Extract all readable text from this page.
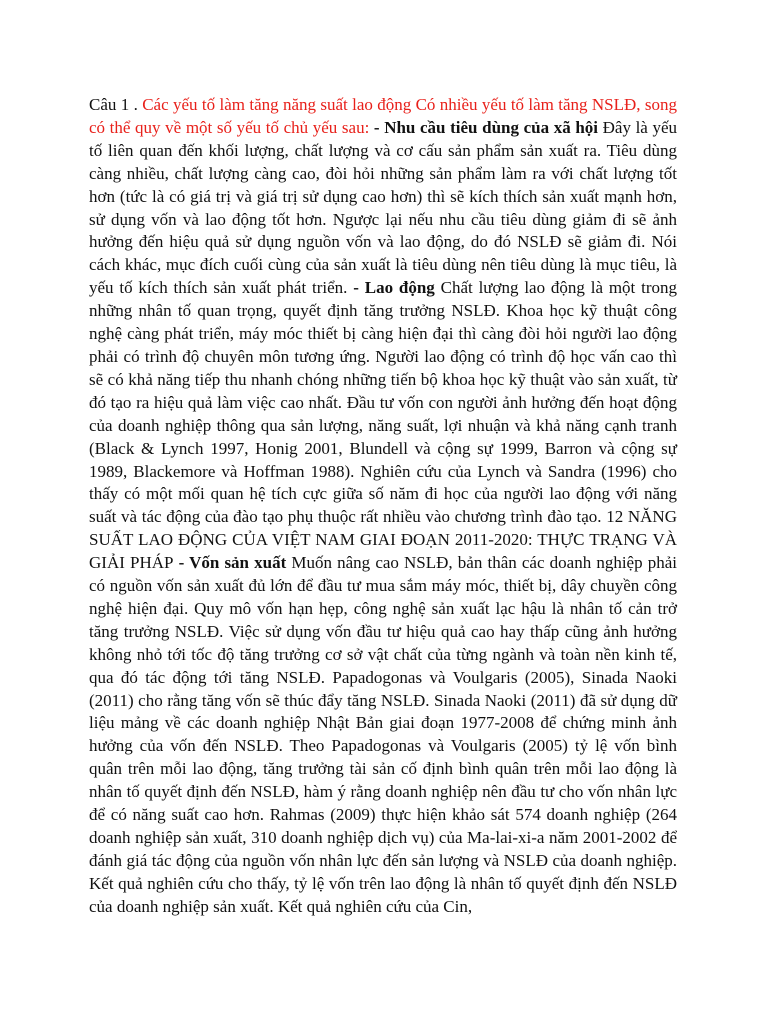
Câu 1 . Các yếu tố làm tăng năng suất lao động Có nhiều yếu tố làm tăng NSLĐ, song có thể quy về một số yếu tố chủ yếu sau: - Nhu cầu tiêu dùng của xã hội Đây là yếu tố liên quan đến khối lượng, chất lượng và cơ cấu sản phẩm sản xuất ra. Tiêu dùng càng nhiều, chất lượng càng cao, đòi hỏi những sản phẩm làm ra với chất lượng tốt hơn (tức là có giá trị và giá trị sử dụng cao hơn) thì sẽ kích thích sản xuất mạnh hơn, sử dụng vốn và lao động tốt hơn. Ngược lại nếu nhu cầu tiêu dùng giảm đi sẽ ảnh hưởng đến hiệu quả sử dụng nguồn vốn và lao động, do đó NSLĐ sẽ giảm đi. Nói cách khác, mục đích cuối cùng của sản xuất là tiêu dùng nên tiêu dùng là mục tiêu, là yếu tố kích thích sản xuất phát triển. - Lao động Chất lượng lao động là một trong những nhân tố quan trọng, quyết định tăng trưởng NSLĐ. Khoa học kỹ thuật công nghệ càng phát triển, máy móc thiết bị càng hiện đại thì càng đòi hỏi người lao động phải có trình độ chuyên môn tương ứng. Người lao động có trình độ học vấn cao thì sẽ có khả năng tiếp thu nhanh chóng những tiến bộ khoa học kỹ thuật vào sản xuất, từ đó tạo ra hiệu quả làm việc cao nhất. Đầu tư vốn con người ảnh hưởng đến hoạt động của doanh nghiệp thông qua sản lượng, năng suất, lợi nhuận và khả năng cạnh tranh (Black & Lynch 1997, Honig 2001, Blundell và cộng sự 1999, Barron và cộng sự 1989, Blackemore và Hoffman 1988). Nghiên cứu của Lynch và Sandra (1996) cho thấy có một mối quan hệ tích cực giữa số năm đi học của người lao động với năng suất và tác động của đào tạo phụ thuộc rất nhiều vào chương trình đào tạo. 12 NĂNG SUẤT LAO ĐỘNG CỦA VIỆT NAM GIAI ĐOẠN 2011-2020: THỰC TRẠNG VÀ GIẢI PHÁP - Vốn sản xuất Muốn nâng cao NSLĐ, bản thân các doanh nghiệp phải có nguồn vốn sản xuất đủ lớn để đầu tư mua sắm máy móc, thiết bị, dây chuyền công nghệ hiện đại. Quy mô vốn hạn hẹp, công nghệ sản xuất lạc hậu là nhân tố cản trở tăng trưởng NSLĐ. Việc sử dụng vốn đầu tư hiệu quả cao hay thấp cũng ảnh hưởng không nhỏ tới tốc độ tăng trưởng cơ sở vật chất của từng ngành và toàn nền kinh tế, qua đó tác động tới tăng NSLĐ. Papadogonas và Voulgaris (2005), Sinada Naoki (2011) cho rằng tăng vốn sẽ thúc đẩy tăng NSLĐ. Sinada Naoki (2011) đã sử dụng dữ liệu mảng về các doanh nghiệp Nhật Bản giai đoạn 1977-2008 để chứng minh ảnh hưởng của vốn đến NSLĐ. Theo Papadogonas và Voulgaris (2005) tỷ lệ vốn bình quân trên mỗi lao động, tăng trưởng tài sản cố định bình quân trên mỗi lao động là nhân tố quyết định đến NSLĐ, hàm ý rằng doanh nghiệp nên đầu tư cho vốn nhân lực để có năng suất cao hơn. Rahmas (2009) thực hiện khảo sát 574 doanh nghiệp (264 doanh nghiệp sản xuất, 310 doanh nghiệp dịch vụ) của Ma-lai-xi-a năm 2001-2002 để đánh giá tác động của nguồn vốn nhân lực đến sản lượng và NSLĐ của doanh nghiệp. Kết quả nghiên cứu cho thấy, tỷ lệ vốn trên lao động là nhân tố quyết định đến NSLĐ của doanh nghiệp sản xuất. Kết quả nghiên cứu của Cin,
